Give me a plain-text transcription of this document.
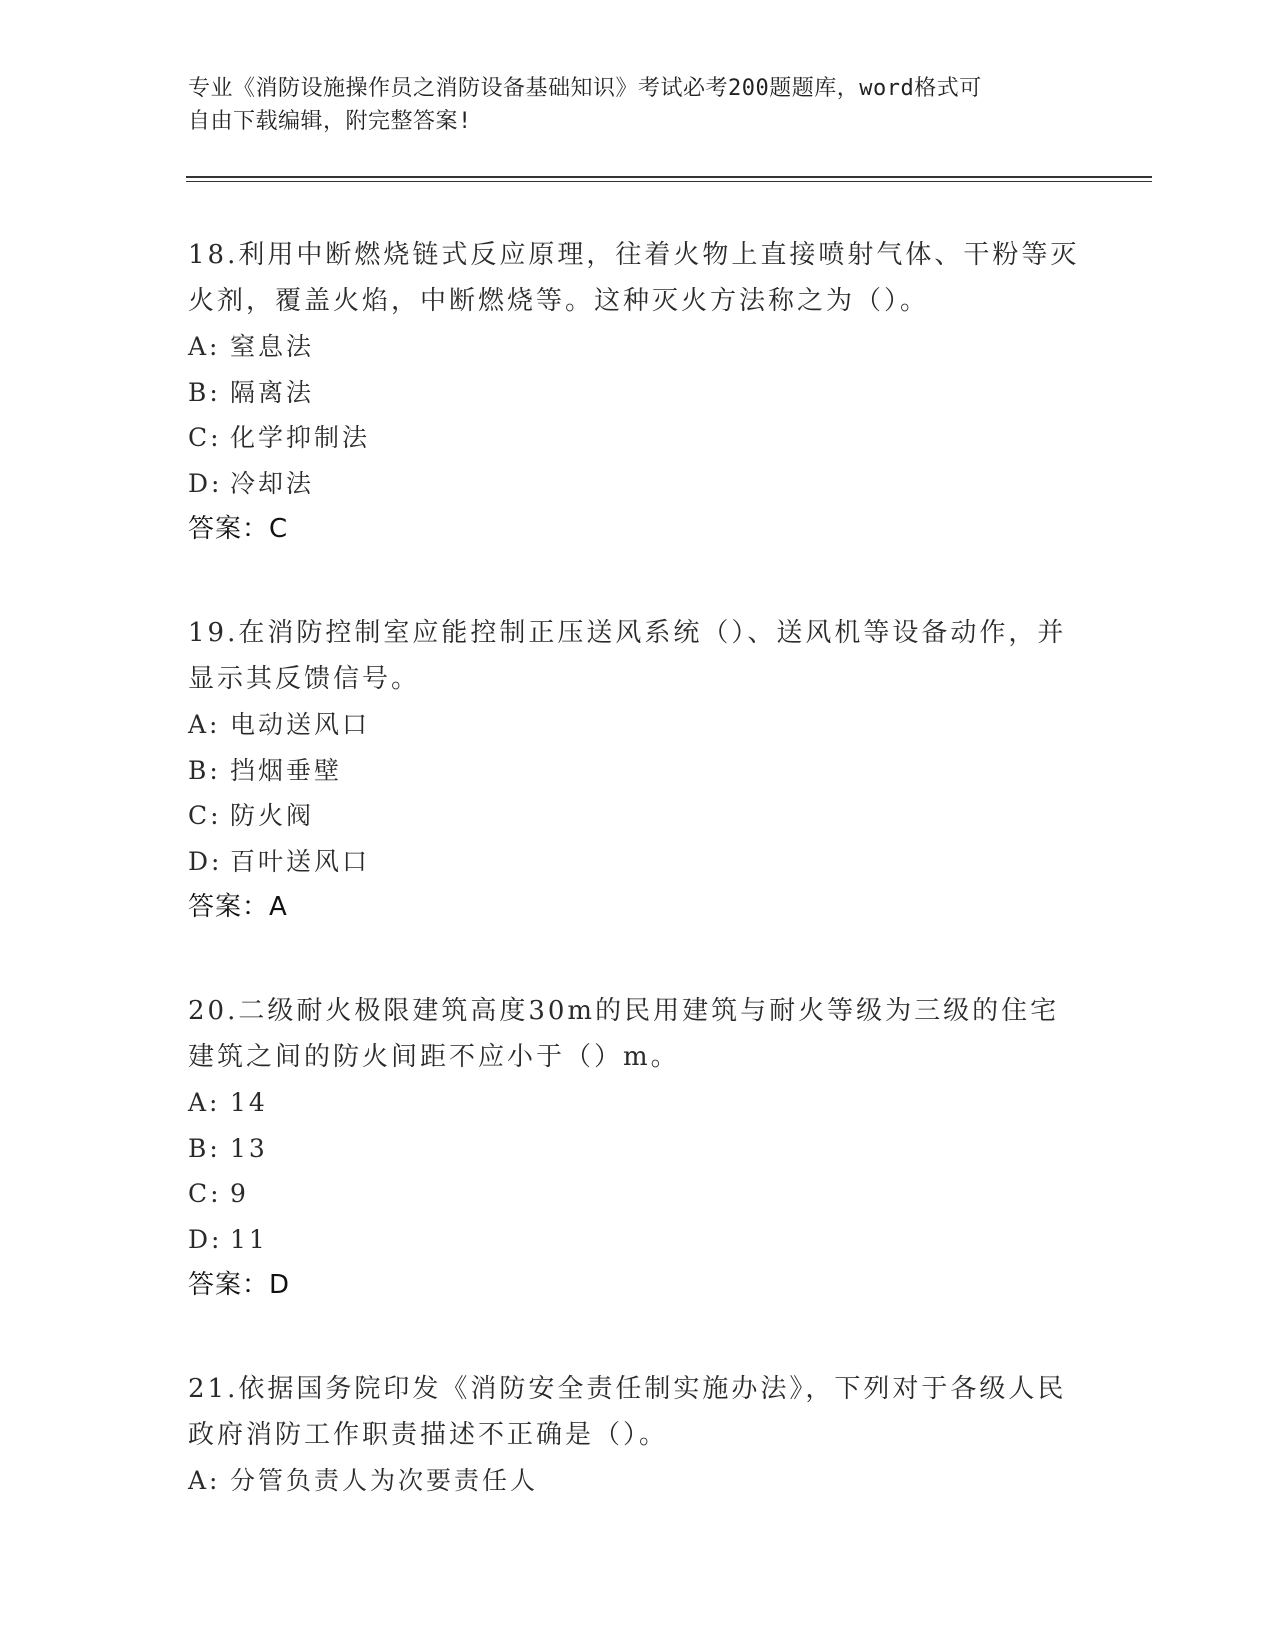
专业《消防设施操作员之消防设备基础知识》考试必考200题题库，word格式可
自由下载编辑，附完整答案!
18.利用中断燃烧链式反应原理，往着火物上直接喷射气体、干粉等灭火剂，覆盖火焰，中断燃烧等。这种灭火方法称之为（）。
A: 窒息法
B: 隔离法
C: 化学抑制法
D: 冷却法
答案：C
19.在消防控制室应能控制正压送风系统（）、送风机等设备动作，并显示其反馈信号。
A: 电动送风口
B: 挡烟垂壁
C: 防火阀
D: 百叶送风口
答案：A
20.二级耐火极限建筑高度30m的民用建筑与耐火等级为三级的住宅建筑之间的防火间距不应小于（）m。
A: 14
B: 13
C: 9
D: 11
答案：D
21.依据国务院印发《消防安全责任制实施办法》，下列对于各级人民政府消防工作职责描述不正确是（）。
A: 分管负责人为次要责任人
